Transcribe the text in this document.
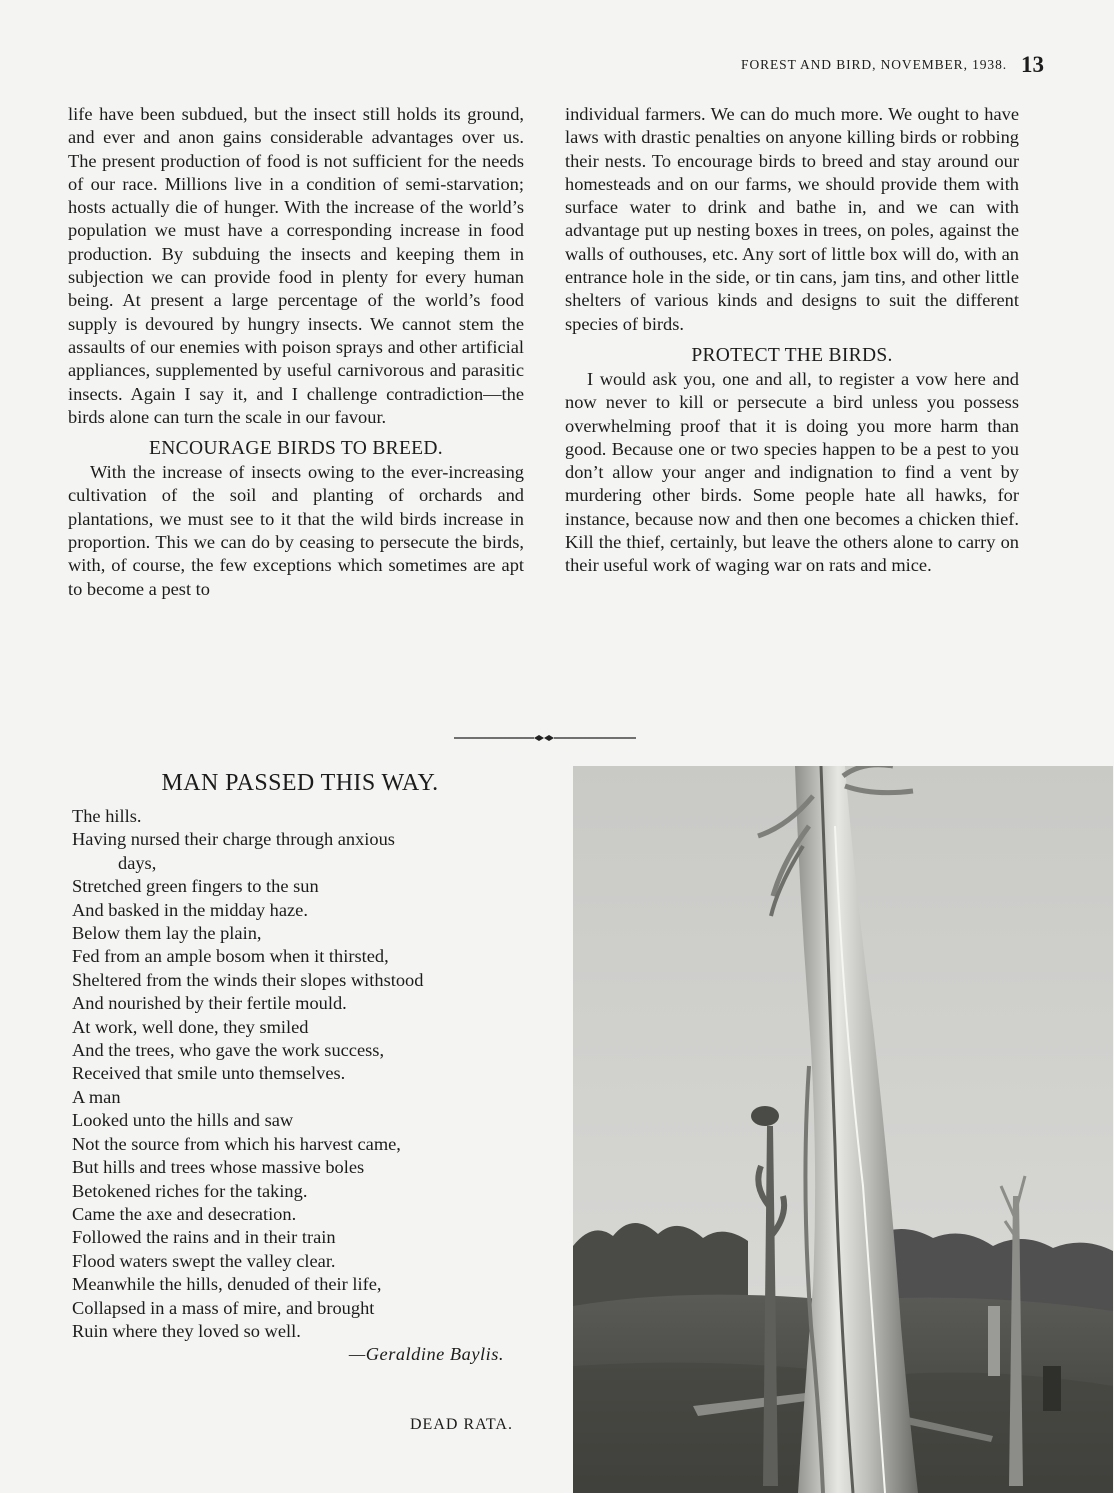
FOREST AND BIRD, NOVEMBER, 1938. 13

life have been subdued, but the insect still holds its ground, and ever and anon gains considerable advantages over us. The present production of food is not sufficient for the needs of our race. Millions live in a condition of semi-starvation; hosts actually die of hunger. With the increase of the world’s population we must have a corresponding increase in food production. By subduing the insects and keeping them in subjection we can provide food in plenty for every human being. At present a large percentage of the world’s food supply is devoured by hungry insects. We cannot stem the assaults of our enemies with poison sprays and other artificial appliances, supplemented by useful carnivorous and parasitic insects. Again I say it, and I challenge contradiction—the birds alone can turn the scale in our favour.

ENCOURAGE BIRDS TO BREED.

With the increase of insects owing to the ever-increasing cultivation of the soil and planting of orchards and plantations, we must see to it that the wild birds increase in proportion. This we can do by ceasing to persecute the birds, with, of course, the few exceptions which sometimes are apt to become a pest to

individual farmers. We can do much more. We ought to have laws with drastic penalties on anyone killing birds or robbing their nests. To encourage birds to breed and stay around our homesteads and on our farms, we should provide them with surface water to drink and bathe in, and we can with advantage put up nesting boxes in trees, on poles, against the walls of outhouses, etc. Any sort of little box will do, with an entrance hole in the side, or tin cans, jam tins, and other little shelters of various kinds and designs to suit the different species of birds.

PROTECT THE BIRDS.

I would ask you, one and all, to register a vow here and now never to kill or persecute a bird unless you possess overwhelming proof that it is doing you more harm than good. Because one or two species happen to be a pest to you don’t allow your anger and indignation to find a vent by murdering other birds. Some people hate all hawks, for instance, because now and then one becomes a chicken thief. Kill the thief, certainly, but leave the others alone to carry on their useful work of waging war on rats and mice.

MAN PASSED THIS WAY.
The hills.
Having nursed their charge through anxious
days,
Stretched green fingers to the sun
And basked in the midday haze.
Below them lay the plain,
Fed from an ample bosom when it thirsted,
Sheltered from the winds their slopes withstood
And nourished by their fertile mould.
At work, well done, they smiled
And the trees, who gave the work success,
Received that smile unto themselves.
A man
Looked unto the hills and saw
Not the source from which his harvest came,
But hills and trees whose massive boles
Betokened riches for the taking.
Came the axe and desecration.
Followed the rains and in their train
Flood waters swept the valley clear.
Meanwhile the hills, denuded of their life,
Collapsed in a mass of mire, and brought
Ruin where they loved so well.
—Geraldine Baylis.
DEAD RATA.
